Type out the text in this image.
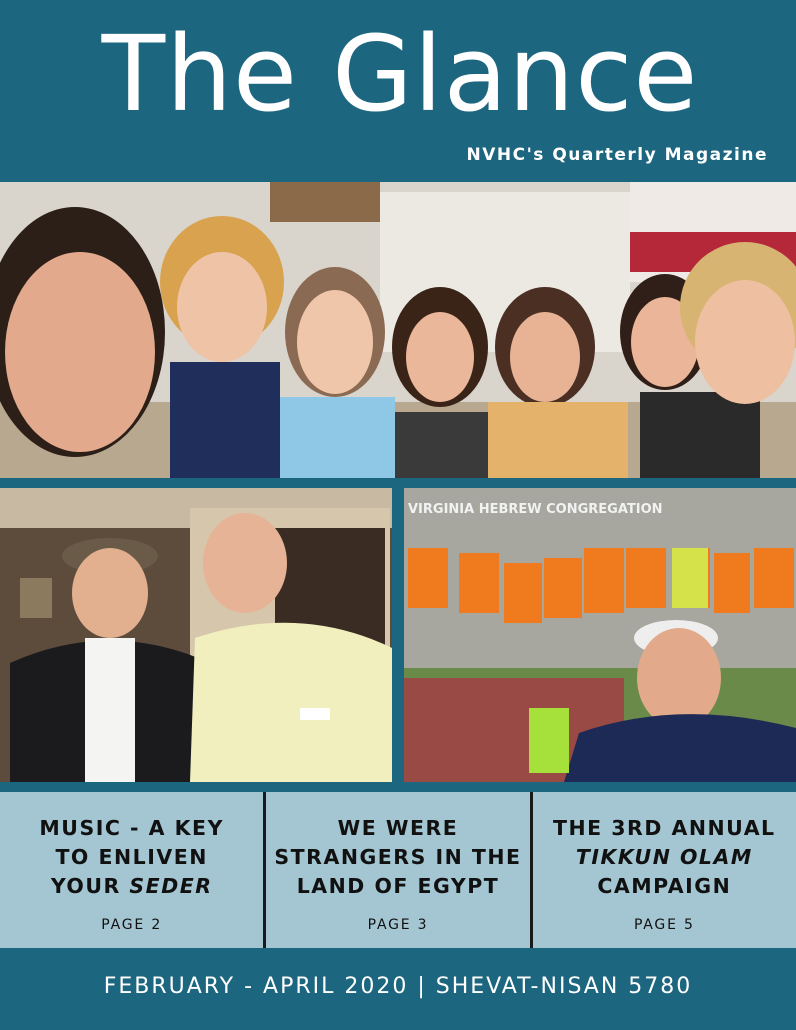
The Glance
NVHC's Quarterly Magazine
VIRGINIA HEBREW CONGREGATION
MUSIC - A KEY
TO ENLIVEN
YOUR SEDER
PAGE 2
WE WERE
STRANGERS IN THE
LAND OF EGYPT
PAGE 3
THE 3RD ANNUAL
TIKKUN OLAM
CAMPAIGN
PAGE 5
FEBRUARY - APRIL 2020 | SHEVAT-NISAN 5780
